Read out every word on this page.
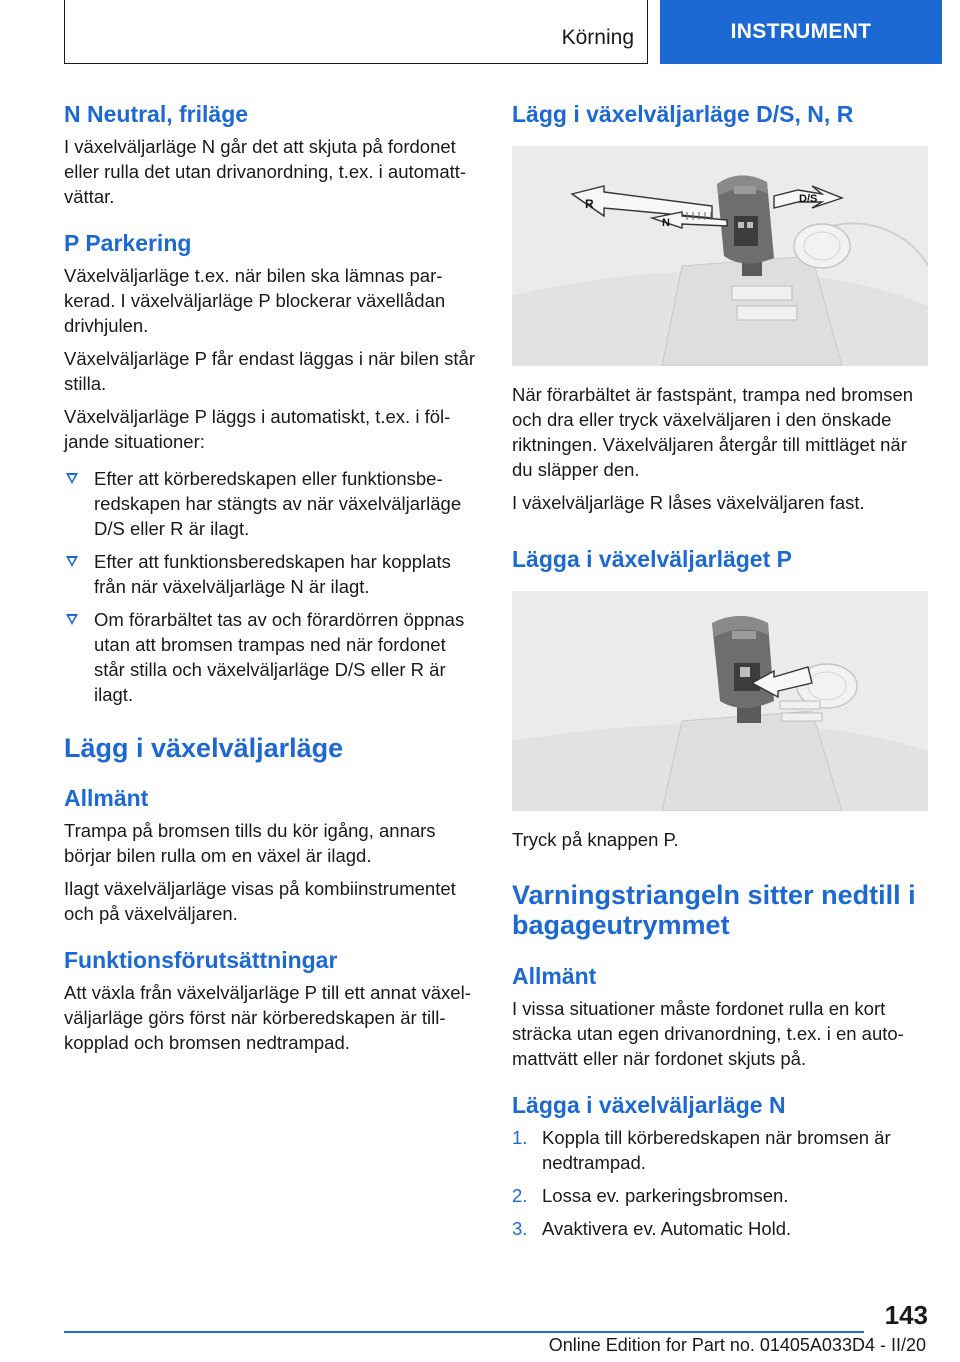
Körning	INSTRUMENT
N Neutral, friläge

I växelväljarläge N går det att skjuta på fordonet eller rulla det utan drivanordning, t.ex. i automattvättar.

P Parkering

Växelväljarläge t.ex. när bilen ska lämnas parkerad. I växelväljarläge P blockerar växellådan drivhjulen.

Växelväljarläge P får endast läggas i när bilen står stilla.

Växelväljarläge P läggs i automatiskt, t.ex. i följande situationer:

Efter att körberedskapen eller funktionsberedskapen har stängts av när växelväljarläge D/S eller R är ilagt.
Efter att funktionsberedskapen har kopplats från när växelväljarläge N är ilagt.
Om förarbältet tas av och förardörren öppnas utan att bromsen trampas ned när fordonet står stilla och växelväljarläge D/S eller R är ilagt.
Lägg i växelväljarläge
Allmänt

Trampa på bromsen tills du kör igång, annars börjar bilen rulla om en växel är ilagd.

Ilagt växelväljarläge visas på kombiinstrumentet och på växelväljaren.

Funktionsförutsättningar

Att växla från växelväljarläge P till ett annat växelväljarläge görs först när körberedskapen är tillkopplad och bromsen nedtrampad.

Lägg i växelväljarläge D/S, N, R
R
N
D/S

När förarbältet är fastspänt, trampa ned bromsen och dra eller tryck växelväljaren i den önskade riktningen. Växelväljaren återgår till mittläget när du släpper den.

I växelväljarläge R låses växelväljaren fast.

Lägga i växelväljarläget P

Tryck på knappen P.

Varningstriangeln sitter nedtill i bagageutrymmet
Allmänt

I vissa situationer måste fordonet rulla en kort sträcka utan egen drivanordning, t.ex. i en automattvätt eller när fordonet skjuts på.

Lägga i växelväljarläge N
1. Koppla till körberedskapen när bromsen är nedtrampad.
2. Lossa ev. parkeringsbromsen.
3. Avaktivera ev. Automatic Hold.
143
Online Edition for Part no. 01405A033D4 - II/20
